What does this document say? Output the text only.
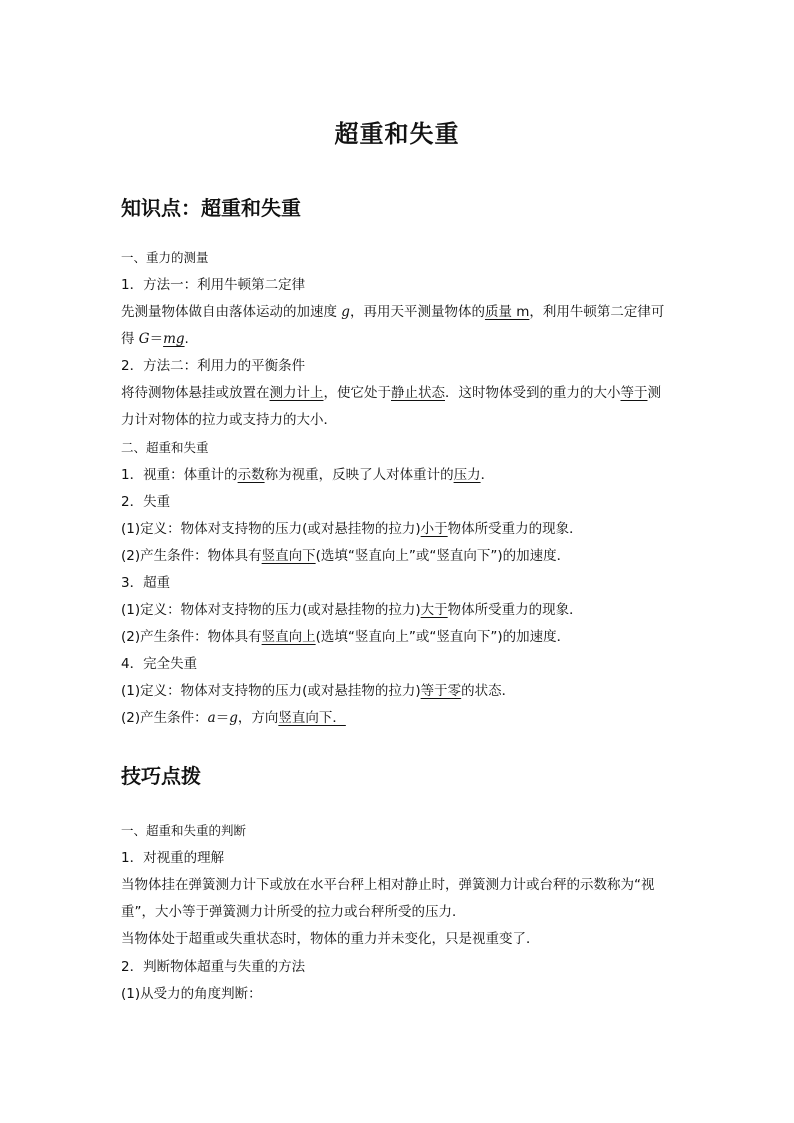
超重和失重
知识点：超重和失重
一、重力的测量
1．方法一：利用牛顿第二定律
先测量物体做自由落体运动的加速度 g，再用天平测量物体的质量 m，利用牛顿第二定律可
得 G＝mg.
2．方法二：利用力的平衡条件
将待测物体悬挂或放置在测力计上，使它处于静止状态．这时物体受到的重力的大小等于测
力计对物体的拉力或支持力的大小．
二、超重和失重
1．视重：体重计的示数称为视重，反映了人对体重计的压力．
2．失重
(1)定义：物体对支持物的压力(或对悬挂物的拉力)小于物体所受重力的现象．
(2)产生条件：物体具有竖直向下(选填“竖直向上”或“竖直向下”)的加速度．
3．超重
(1)定义：物体对支持物的压力(或对悬挂物的拉力)大于物体所受重力的现象．
(2)产生条件：物体具有竖直向上(选填“竖直向上”或“竖直向下”)的加速度．
4．完全失重
(1)定义：物体对支持物的压力(或对悬挂物的拉力)等于零的状态．
(2)产生条件：a＝g，方向竖直向下．
技巧点拨
一、超重和失重的判断
1．对视重的理解
当物体挂在弹簧测力计下或放在水平台秤上相对静止时，弹簧测力计或台秤的示数称为“视
重”，大小等于弹簧测力计所受的拉力或台秤所受的压力．
当物体处于超重或失重状态时，物体的重力并未变化，只是视重变了．
2．判断物体超重与失重的方法
(1)从受力的角度判断：
